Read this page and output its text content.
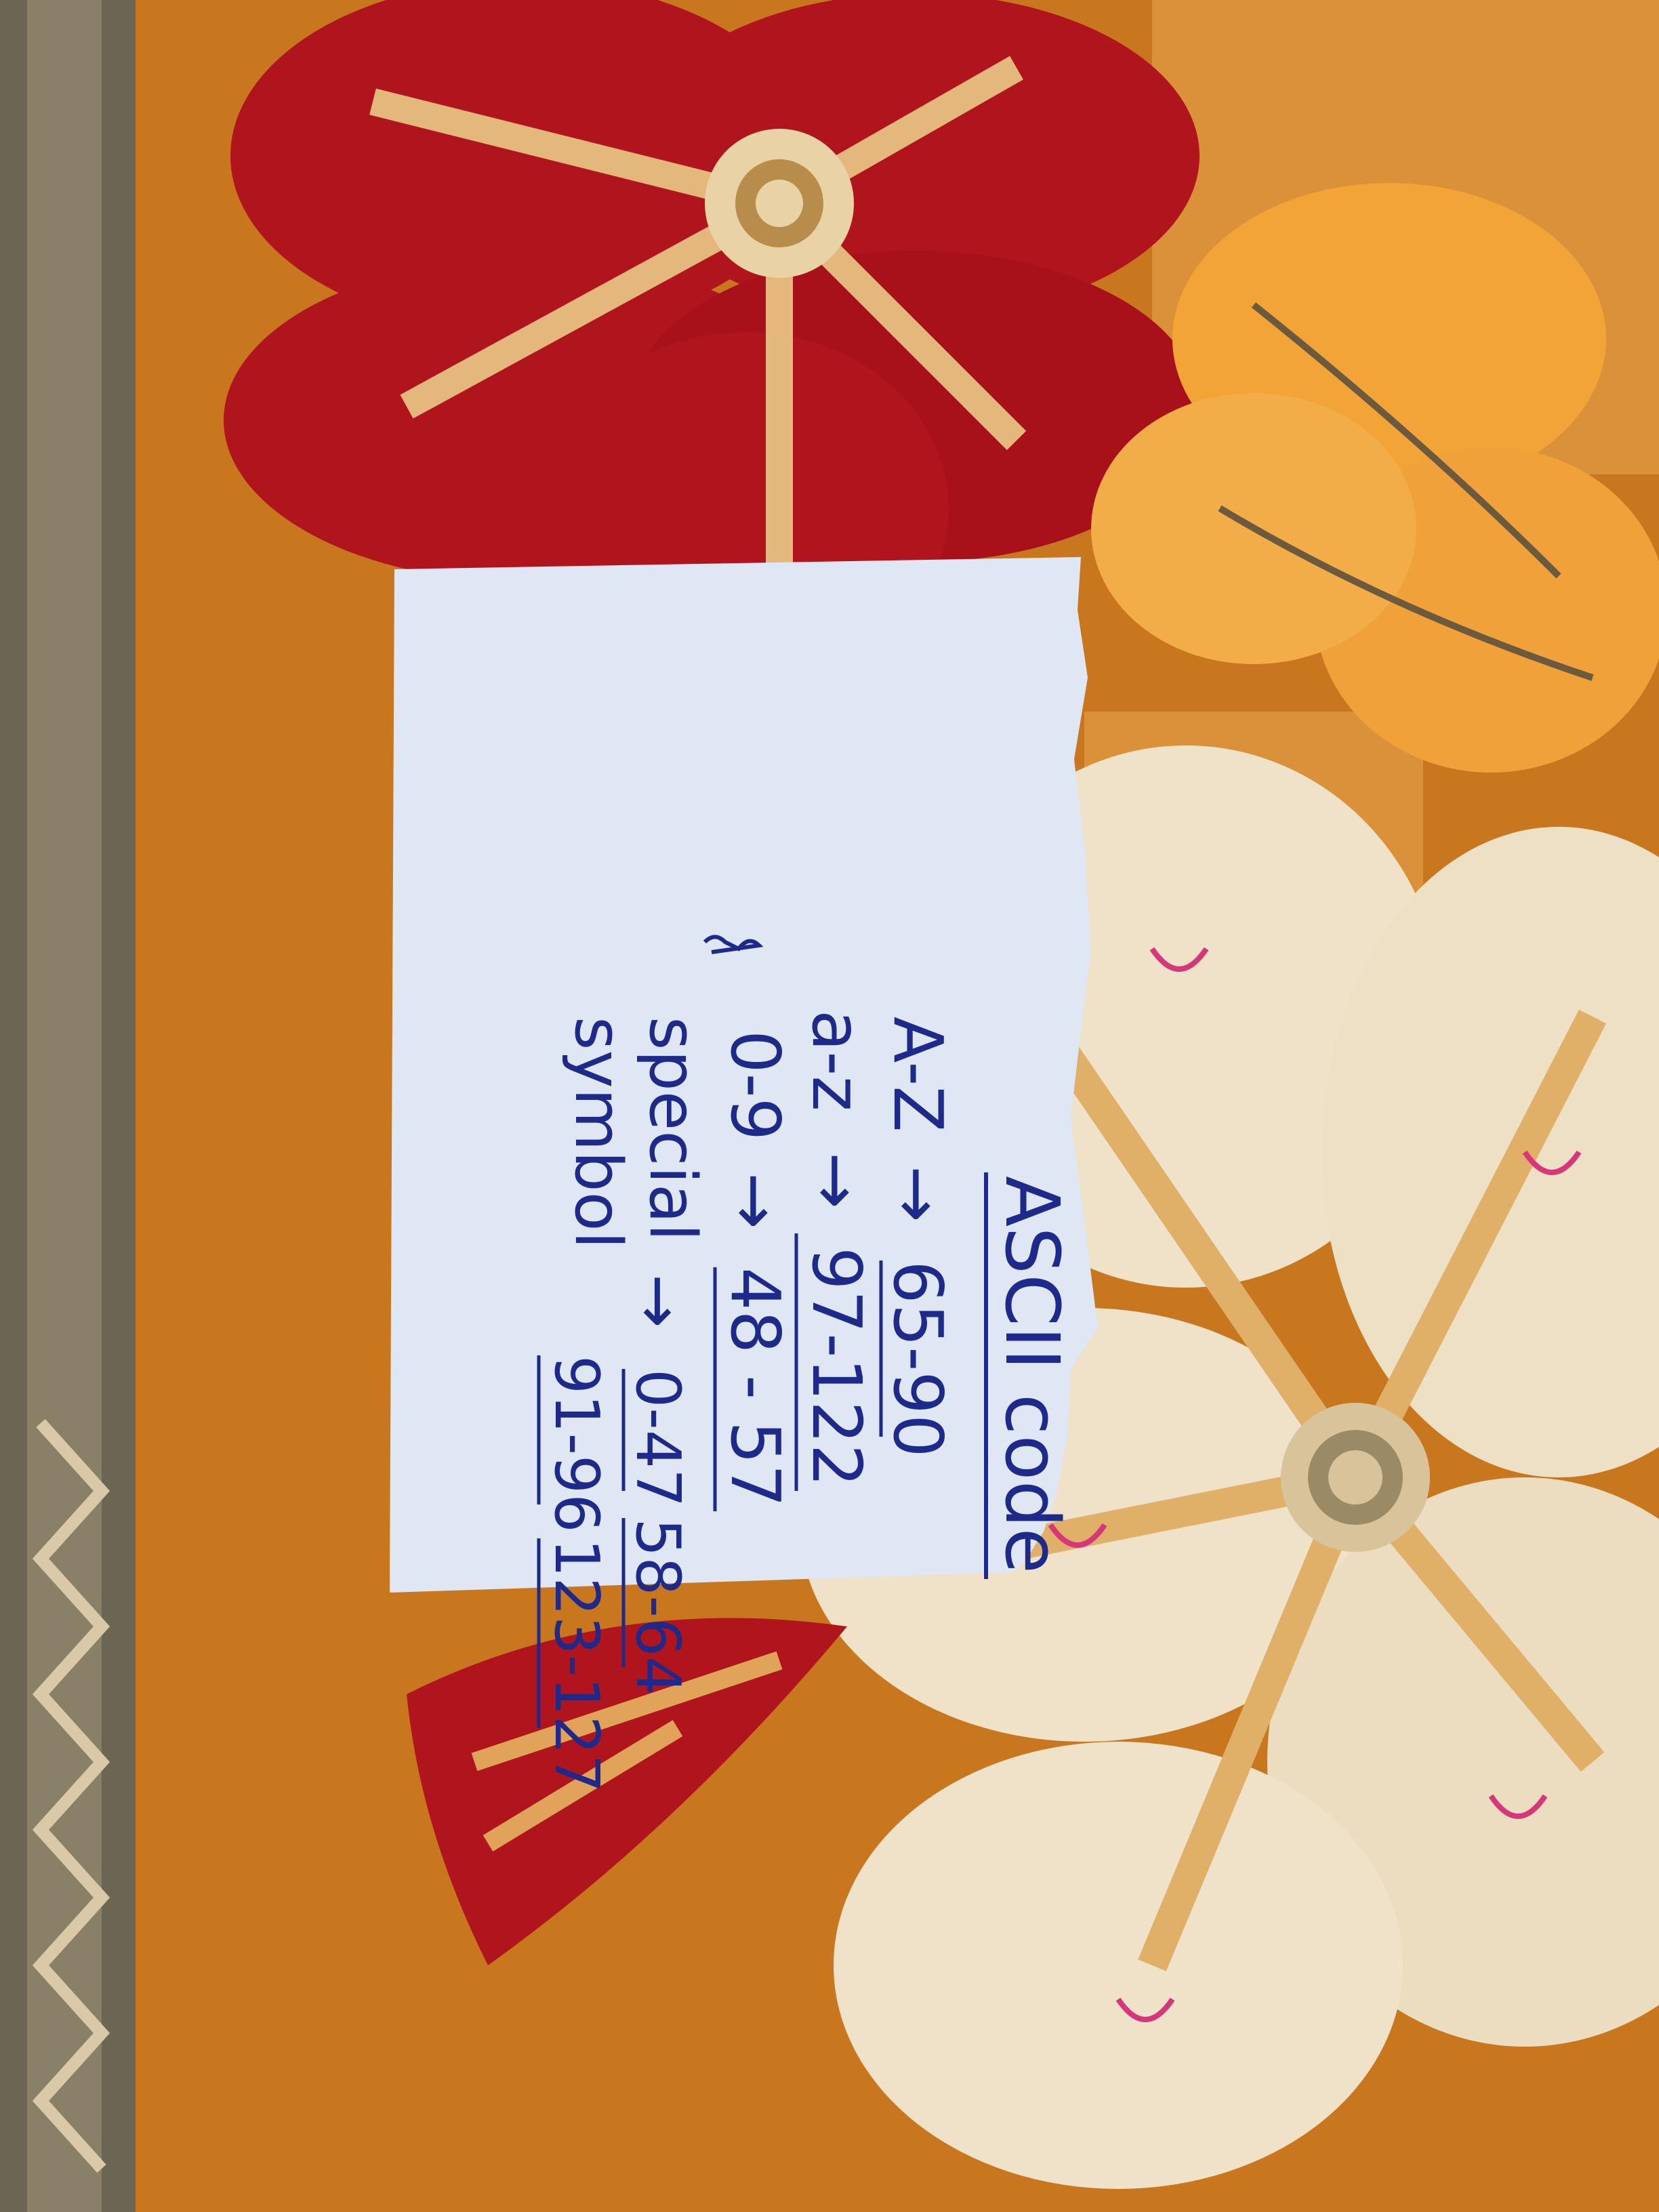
ASCII code
A-Z
→
65-90
a-z
→
97-122
0-9
→
48 - 57
special
symbol
→
0-47
58-64
91-96
123-127
